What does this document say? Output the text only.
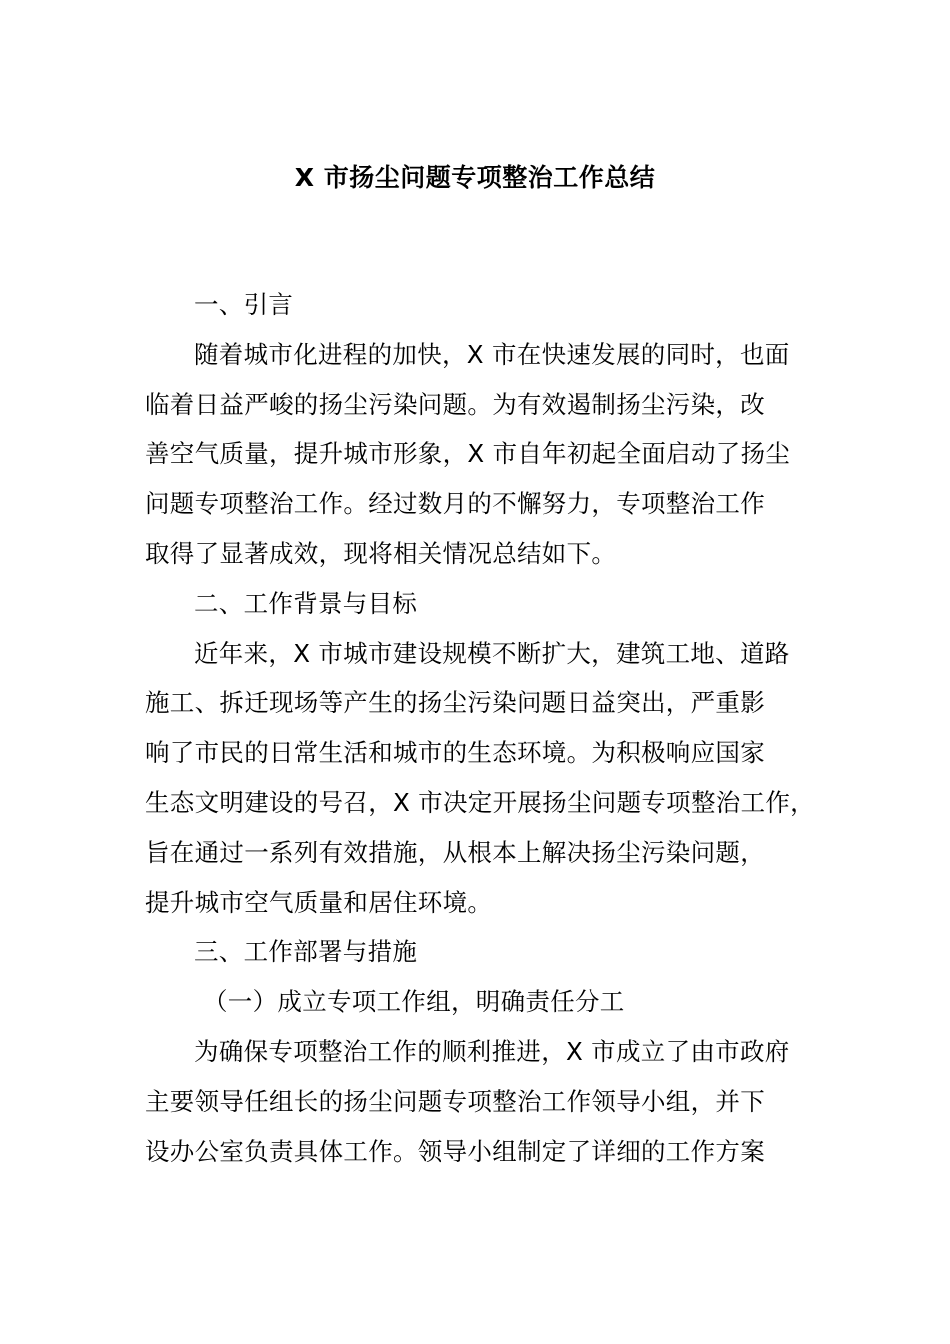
X 市扬尘问题专项整治工作总结
一、引言
随着城市化进程的加快，X 市在快速发展的同时，也面
临着日益严峻的扬尘污染问题。为有效遏制扬尘污染，改
善空气质量，提升城市形象，X 市自年初起全面启动了扬尘
问题专项整治工作。经过数月的不懈努力，专项整治工作
取得了显著成效，现将相关情况总结如下。
二、工作背景与目标
近年来，X 市城市建设规模不断扩大，建筑工地、道路
施工、拆迁现场等产生的扬尘污染问题日益突出，严重影
响了市民的日常生活和城市的生态环境。为积极响应国家
生态文明建设的号召，X 市决定开展扬尘问题专项整治工作，
旨在通过一系列有效措施，从根本上解决扬尘污染问题，
提升城市空气质量和居住环境。
三、工作部署与措施
（一）成立专项工作组，明确责任分工
为确保专项整治工作的顺利推进，X 市成立了由市政府
主要领导任组长的扬尘问题专项整治工作领导小组，并下
设办公室负责具体工作。领导小组制定了详细的工作方案
